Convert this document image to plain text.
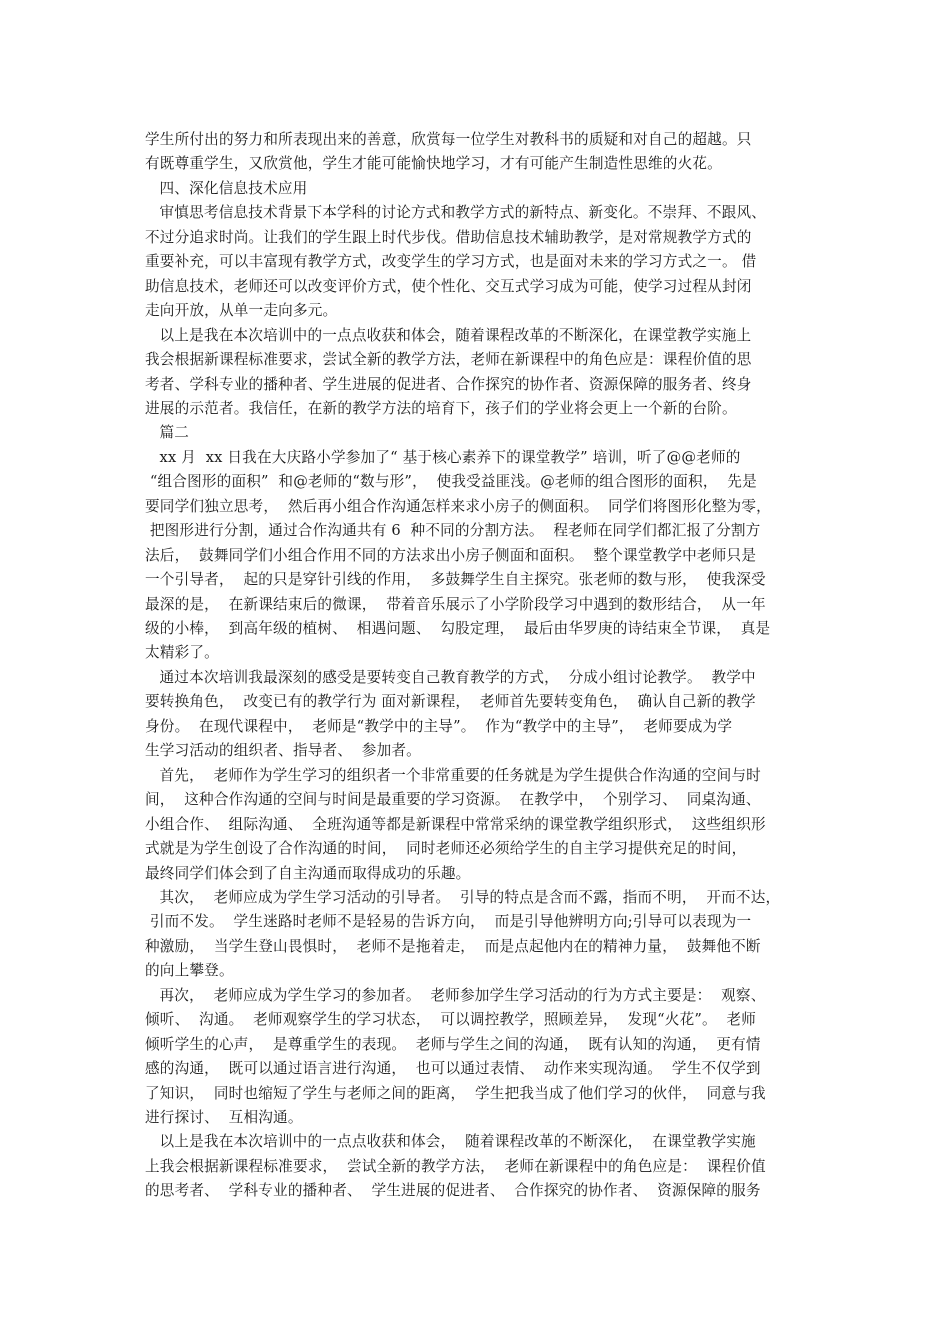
学生所付出的努力和所表现出来的善意，欣赏每一位学生对教科书的质疑和对自己的超越。只
有既尊重学生，又欣赏他，学生才能可能愉快地学习，才有可能产生制造性思维的火花。
四、深化信息技术应用
审慎思考信息技术背景下本学科的讨论方式和教学方式的新特点、新变化。不崇拜、不跟风、
不过分追求时尚。让我们的学生跟上时代步伐。借助信息技术辅助教学，是对常规教学方式的
重要补充，可以丰富现有教学方式，改变学生的学习方式，也是面对未来的学习方式之一。 借
助信息技术，老师还可以改变评价方式，使个性化、交互式学习成为可能，使学习过程从封闭
走向开放，从单一走向多元。
以上是我在本次培训中的一点点收获和体会，随着课程改革的不断深化，在课堂教学实施上
我会根据新课程标准要求，尝试全新的教学方法，老师在新课程中的角色应是：课程价值的思
考者、学科专业的播种者、学生进展的促进者、合作探究的协作者、资源保障的服务者、终身
进展的示范者。我信任，在新的教学方法的培育下，孩子们的学业将会更上一个新的台阶。
篇二
xx 月  xx 日我在大庆路小学参加了“ 基于核心素养下的课堂教学” 培训，听了@@老师的
“组合图形的面积”  和@老师的“数与形”，  使我受益匪浅。@老师的组合图形的面积，  先是
要同学们独立思考，  然后再小组合作沟通怎样来求小房子的侧面积。  同学们将图形化整为零，
把图形进行分割，通过合作沟通共有 6  种不同的分割方法。  程老师在同学们都汇报了分割方
法后，  鼓舞同学们小组合作用不同的方法求出小房子侧面和面积。  整个课堂教学中老师只是
一个引导者，  起的只是穿针引线的作用，  多鼓舞学生自主探究。张老师的数与形，  使我深受
最深的是，  在新课结束后的微课，  带着音乐展示了小学阶段学习中遇到的数形结合，  从一年
级的小棒，  到高年级的植树、  相遇问题、  勾股定理，  最后由华罗庚的诗结束全节课，  真是
太精彩了。
通过本次培训我最深刻的感受是要转变自己教育教学的方式，  分成小组讨论教学。  教学中
要转换角色，  改变已有的教学行为 面对新课程，  老师首先要转变角色，  确认自己新的教学
身份。  在现代课程中，  老师是“教学中的主导”。  作为“教学中的主导”，  老师要成为学
生学习活动的组织者、指导者、  参加者。
首先，  老师作为学生学习的组织者一个非常重要的任务就是为学生提供合作沟通的空间与时
间，  这种合作沟通的空间与时间是最重要的学习资源。  在教学中，  个别学习、  同桌沟通、
小组合作、  组际沟通、  全班沟通等都是新课程中常常采纳的课堂教学组织形式，  这些组织形
式就是为学生创设了合作沟通的时间，  同时老师还必须给学生的自主学习提供充足的时间，
最终同学们体会到了自主沟通而取得成功的乐趣。
其次，  老师应成为学生学习活动的引导者。  引导的特点是含而不露，指而不明，  开而不达，
引而不发。  学生迷路时老师不是轻易的告诉方向，  而是引导他辨明方向;引导可以表现为一
种激励，  当学生登山畏惧时，  老师不是拖着走，  而是点起他内在的精神力量，  鼓舞他不断
的向上攀登。
再次，  老师应成为学生学习的参加者。  老师参加学生学习活动的行为方式主要是：  观察、
倾听、  沟通。  老师观察学生的学习状态，  可以调控教学，照顾差异，  发现“火花”。  老师
倾听学生的心声，  是尊重学生的表现。  老师与学生之间的沟通，  既有认知的沟通，  更有情
感的沟通，  既可以通过语言进行沟通，  也可以通过表情、  动作来实现沟通。  学生不仅学到
了知识，  同时也缩短了学生与老师之间的距离，  学生把我当成了他们学习的伙伴，  同意与我
进行探讨、  互相沟通。
以上是我在本次培训中的一点点收获和体会，  随着课程改革的不断深化，  在课堂教学实施
上我会根据新课程标准要求，  尝试全新的教学方法，  老师在新课程中的角色应是：  课程价值
的思考者、  学科专业的播种者、  学生进展的促进者、  合作探究的协作者、  资源保障的服务
